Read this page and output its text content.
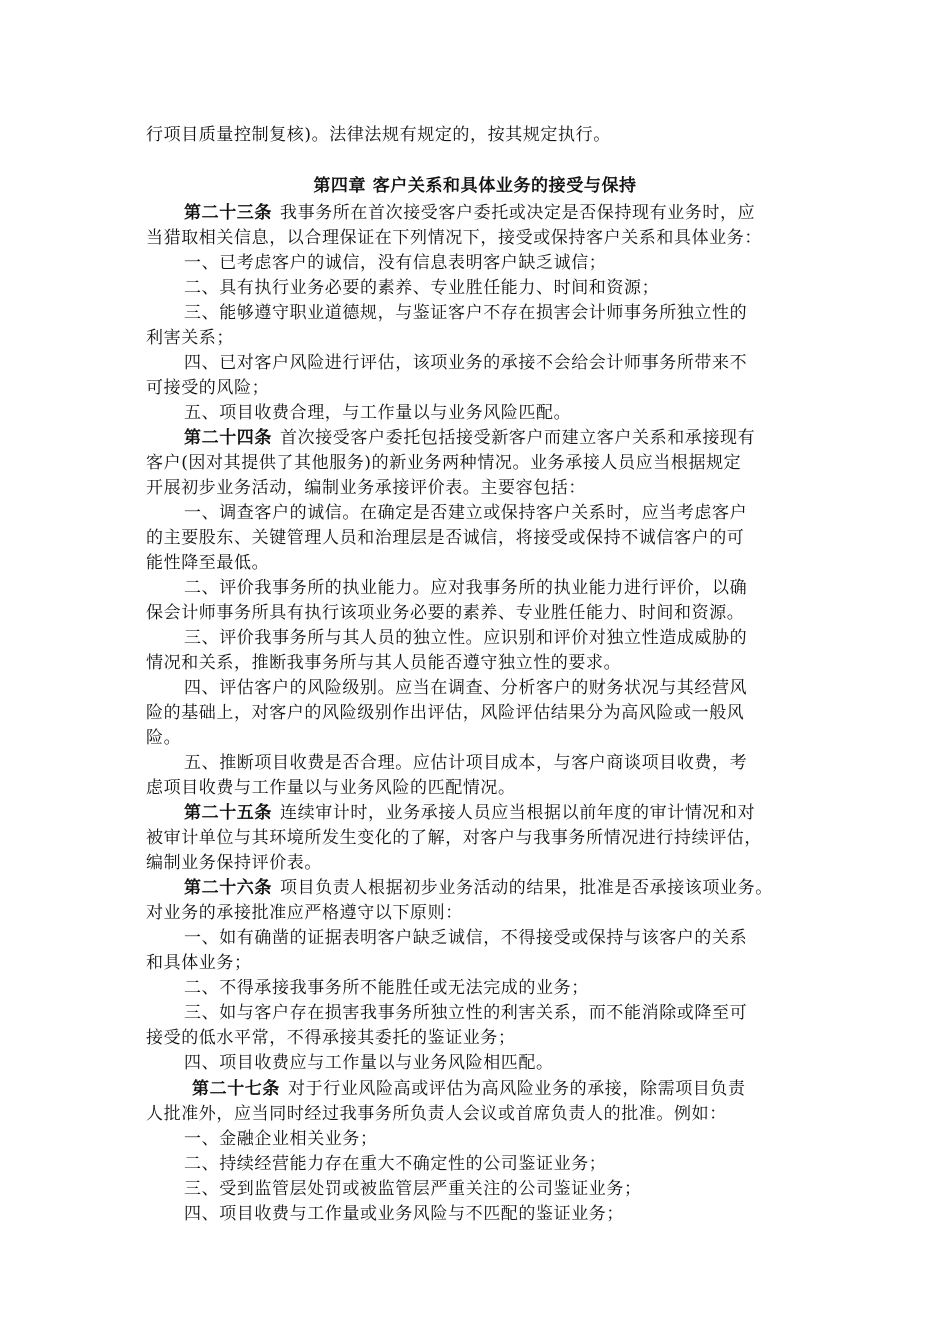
行项目质量控制复核)。法律法规有规定的，按其规定执行。
第四章 客户关系和具体业务的接受与保持
第二十三条 我事务所在首次接受客户委托或决定是否保持现有业务时，应
当猎取相关信息，以合理保证在下列情况下，接受或保持客户关系和具体业务：
一、已考虑客户的诚信，没有信息表明客户缺乏诚信；
二、具有执行业务必要的素养、专业胜任能力、时间和资源；
三、能够遵守职业道德规，与鉴证客户不存在损害会计师事务所独立性的
利害关系；
四、已对客户风险进行评估，该项业务的承接不会给会计师事务所带来不
可接受的风险；
五、项目收费合理，与工作量以与业务风险匹配。
第二十四条 首次接受客户委托包括接受新客户而建立客户关系和承接现有
客户(因对其提供了其他服务)的新业务两种情况。业务承接人员应当根据规定
开展初步业务活动，编制业务承接评价表。主要容包括：
一、调查客户的诚信。在确定是否建立或保持客户关系时，应当考虑客户
的主要股东、关键管理人员和治理层是否诚信，将接受或保持不诚信客户的可
能性降至最低。
二、评价我事务所的执业能力。应对我事务所的执业能力进行评价，以确
保会计师事务所具有执行该项业务必要的素养、专业胜任能力、时间和资源。
三、评价我事务所与其人员的独立性。应识别和评价对独立性造成威胁的
情况和关系，推断我事务所与其人员能否遵守独立性的要求。
四、评估客户的风险级别。应当在调查、分析客户的财务状况与其经营风
险的基础上，对客户的风险级别作出评估，风险评估结果分为高风险或一般风
险。
五、推断项目收费是否合理。应估计项目成本，与客户商谈项目收费，考
虑项目收费与工作量以与业务风险的匹配情况。
第二十五条 连续审计时，业务承接人员应当根据以前年度的审计情况和对
被审计单位与其环境所发生变化的了解，对客户与我事务所情况进行持续评估，
编制业务保持评价表。
第二十六条 项目负责人根据初步业务活动的结果，批准是否承接该项业务。
对业务的承接批准应严格遵守以下原则：
一、如有确凿的证据表明客户缺乏诚信，不得接受或保持与该客户的关系
和具体业务；
二、不得承接我事务所不能胜任或无法完成的业务；
三、如与客户存在损害我事务所独立性的利害关系，而不能消除或降至可
接受的低水平常，不得承接其委托的鉴证业务；
四、项目收费应与工作量以与业务风险相匹配。
第二十七条 对于行业风险高或评估为高风险业务的承接，除需项目负责
人批准外，应当同时经过我事务所负责人会议或首席负责人的批准。例如：
一、金融企业相关业务；
二、持续经营能力存在重大不确定性的公司鉴证业务；
三、受到监管层处罚或被监管层严重关注的公司鉴证业务；
四、项目收费与工作量或业务风险与不匹配的鉴证业务；
